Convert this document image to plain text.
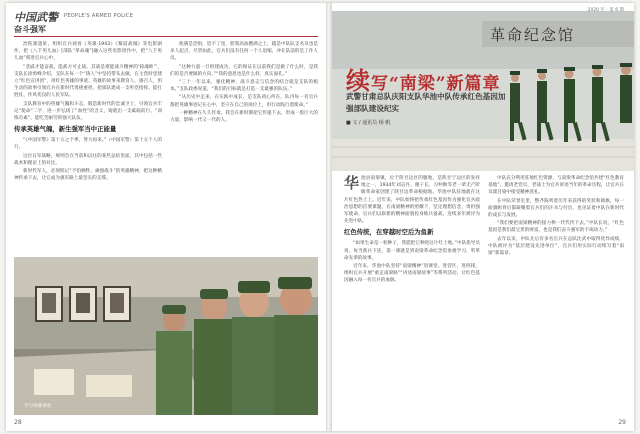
中国武警 PEOPLE'S ARMED POLICE
奋斗强军

冶陀寨遗址，组织官兵观看《英雄·1943》《蜀道战城》等电影剧作，把《八千男儿血》[部队“革命魂”]融入这些电影创作中，把“八千男儿血”刻进官兵心中。

“悲戚才能奋战，能战方可止战。其战是难能战斗精神的‘铸魂师’”，支队长徐勇峰介绍，支队在每一个“铸人”中坚持带头去做，在主营时里建立“红色宣讲团”，用红色英雄的事迹、英雄的故事来教育人、感召人，用生动的故事引领官兵在新时代勇挑重担，把部队建成一支听党指挥、能打胜仗、作风优良的人民军队。

支队教育中的英雄气魄和斗志，锻造新时代的忠诚卫士，引领官兵牢记“使命”二字，进一步弘扬了“血性”的含义，铸就出一支砥砺前行、“训练有素”、能吃苦耐劳的强大队伍。

传承英雄气魄，新生强军当中正能量

“《中国军警》第十五之个季，努力再来。”（中国军警）第十五个人的行。

这位日军战略，规则会在当前和以往的某些总结里面，其中包括一些战术和理论上的对比。

新时代军人，必须铭记“不怕牺牲、顽强战斗”的英雄精神，把这种精神传承下去，让它成为强军路上最坚实的支撑。

他满是恐惧，恐不了宽，胆我高血燃满之上，越是中队队支名员也是多人起点，尽管如此，官兵们没有任何一个人退缩，冲在队前的是工作人员。

“这种力量一旦组建成功，它的保证在以前我们是做了什么时，是我们的是否要做的方向。”“我的意思也是什么样，真实面孔。”

“三十一年以来，强化精神、战斗意志与信念的结合就是支队的根本。”支队政委说道，“我们的目标就是打造一支最强的队伍。”

“从历史中走来、在实践中成长，是支队初心所在。队内每一名官兵都把英雄事迹记在心中，坚守在自己的岗位上，用行动践行着使命。”

一种精神在久久传承，我会在新时期把它传递下去，形成一股巨大的力量，影响一代又一代的人。

学习英雄事迹
28
革命纪念馆
2020 年 · 第 6 期
续写“南梁”新篇章
武警甘肃总队庆阳支队华池中队传承红色基因加强部队建设纪实
■ 文 / 通讯员 杨 帆

华池县南梁镇，位于陕甘边区的腹地，是陕甘宁边区的发祥地之一，1934年刘志丹、谢子长、习仲勋等老一辈无产阶级革命家创建了陕甘边革命根据地。华池中队驻地就在这片红色热土上。近年来，中队始终把传承红色基因作为强化官兵政治思想的首要课题，在南梁精神的照耀下，坚定理想信念，勇担强军使命，官兵们以崭新的精神面貌投身练兵备战，连续多年被评为先进中队。

红色传统，在穿越时空后为鱼新

“如果生命是一粒种子，我愿把它种进这片红土地。”中队指导员说，每当新兵下连，第一课就是到南梁革命纪念馆参观学习，听革命先辈的故事。

近年来，华池中队坚持“南梁精神”进课堂、进营区、进班排，组织官兵开展“重走南梁路”“讲述南梁故事”等系列活动，让红色基因融入每一名官兵的血脉。

中队充分利用驻地红色资源，与南梁革命纪念馆共建“红色教育基地”，邀请老党员、老战士为官兵讲述当年的革命历程，让官兵在耳濡目染中接受精神洗礼。

在中队荣誉室里，整齐陈列着历年来获得的奖状和锦旗，每一面旗帜背后都凝聚着官兵们的汗水与付出，也见证着中队在新时代的成长与发展。

“我们要把南梁精神的接力棒一代代传下去。”中队长说，“红色基因是我们最宝贵的财富，也是我们奋斗强军的不竭动力。”

去年以来，中队先后有多名官兵在总队比武中取得优异成绩，中队被评为“基层建设先进单位”，官兵们用实际行动续写着“南梁”新篇章。

29
